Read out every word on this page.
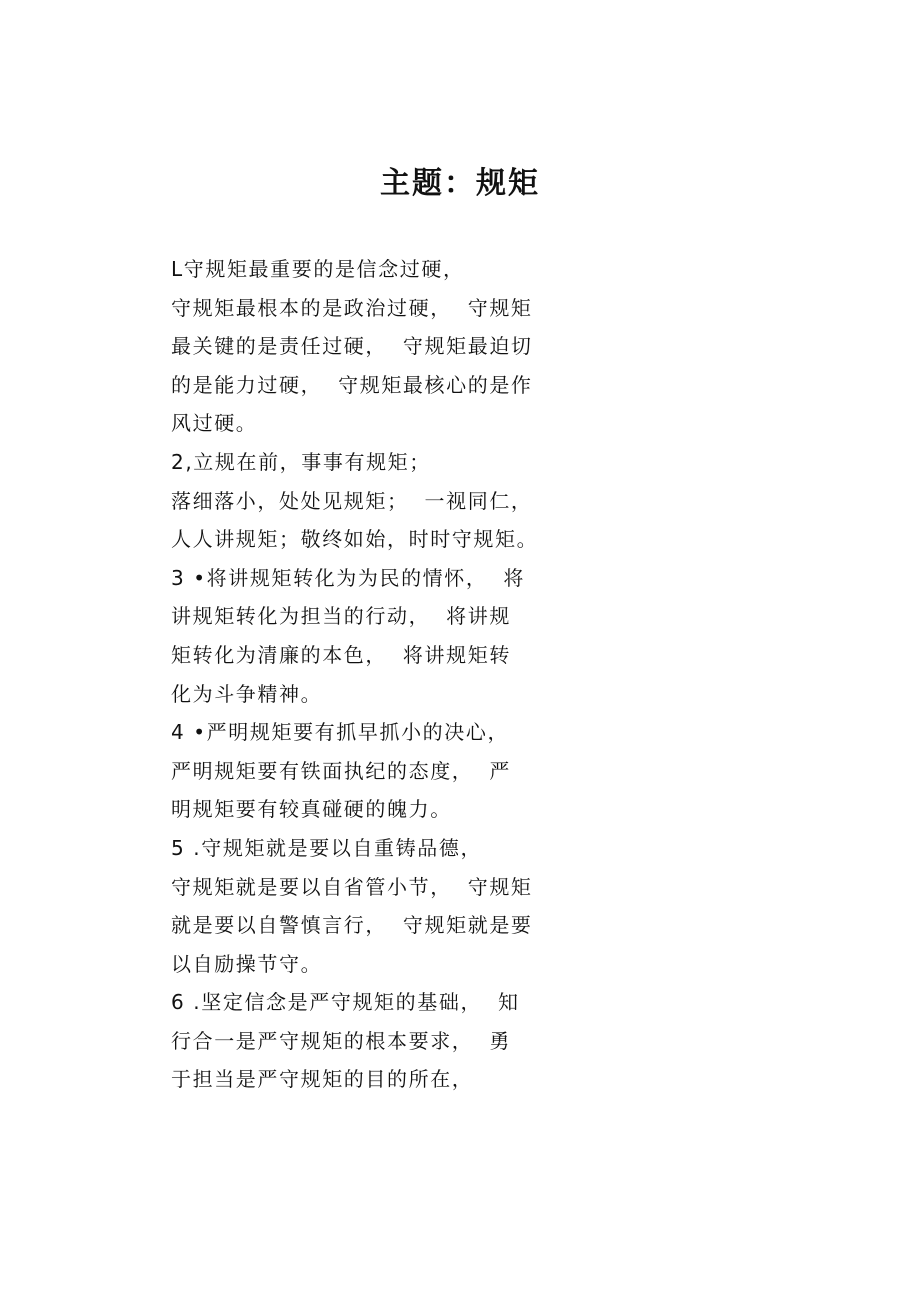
主题：规矩
L守规矩最重要的是信念过硬，
守规矩最根本的是政治过硬，  守规矩
最关键的是责任过硬，  守规矩最迫切
的是能力过硬，  守规矩最核心的是作
风过硬。
2,立规在前，事事有规矩；
落细落小，处处见规矩；  一视同仁，
人人讲规矩；敬终如始，时时守规矩。
3 •将讲规矩转化为为民的情怀，  将
讲规矩转化为担当的行动，  将讲规
矩转化为清廉的本色，  将讲规矩转
化为斗争精神。
4 •严明规矩要有抓早抓小的决心，
严明规矩要有铁面执纪的态度，  严
明规矩要有较真碰硬的魄力。
5 .守规矩就是要以自重铸品德，
守规矩就是要以自省管小节，  守规矩
就是要以自警慎言行，  守规矩就是要
以自励操节守。
6 .坚定信念是严守规矩的基础，  知
行合一是严守规矩的根本要求，  勇
于担当是严守规矩的目的所在，
